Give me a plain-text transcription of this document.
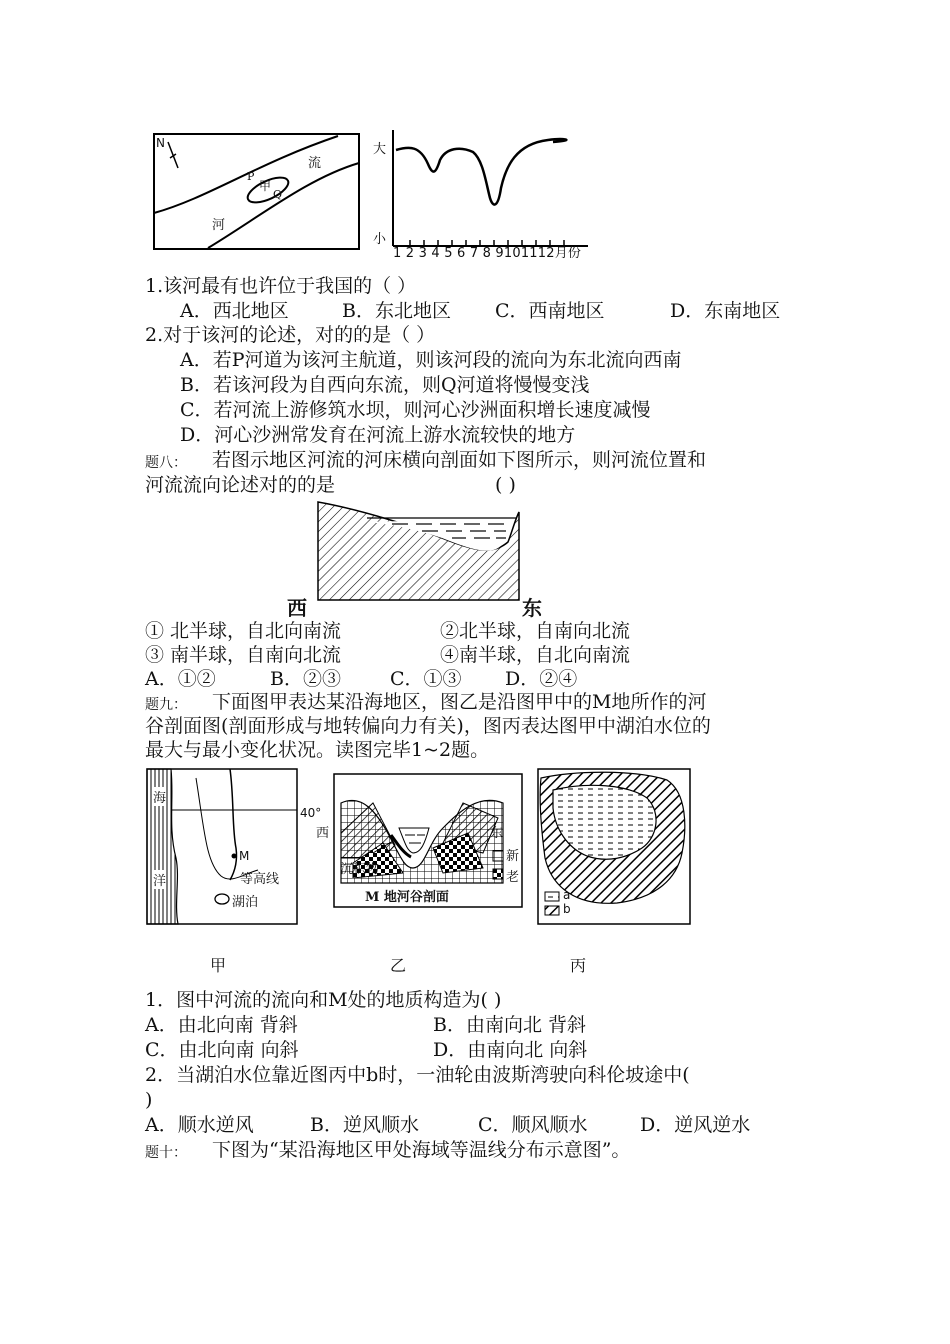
N
流
河
甲
P
Q
大
小
1 2 3 4 5 6 7 8 9101112月份
1.该河最有也许位于我国的（ ）
A．西北地区	B．东北地区 C．西南地区	D．东南地区
2.对于该河的论述，对的的是（ ）
A．若P河道为该河主航道，则该河段的流向为东北流向西南
B．若该河段为自西向东流，则Q河道将慢慢变浅
C．若河流上游修筑水坝，则河心沙洲面积增长速度减慢
D．河心沙洲常发育在河流上游水流较快的地方
题八： 若图示地区河流的河床横向剖面如下图所示，则河流位置和
河流流向论述对的的是	( )
西	东
① 北半球，自北向南流	②北半球，自南向北流
③ 南半球，自南向北流	④南半球，自北向南流
A．①②	B．②③	C．①③ D．②④
题九： 下面图甲表达某沿海地区，图乙是沿图甲中的M地所作的河
谷剖面图(剖面形成与地转偏向力有关)，图丙表达图甲中湖泊水位的
最大与最小变化状况。读图完毕1~2题。
海
洋
40°
M
等高线
湖泊
西	东
沉积物
M 地河谷剖面
新
老
a
b
甲	乙	丙
1．图中河流的流向和M处的地质构造为( )
A．由北向南 背斜	B．由南向北 背斜
C．由北向南 向斜	D．由南向北 向斜
2．当湖泊水位靠近图丙中b时，一油轮由波斯湾驶向科伦坡途中(
)
A．顺水逆风	B．逆风顺水	C．顺风顺水	D．逆风逆水
题十： 下图为“某沿海地区甲处海域等温线分布示意图”。
